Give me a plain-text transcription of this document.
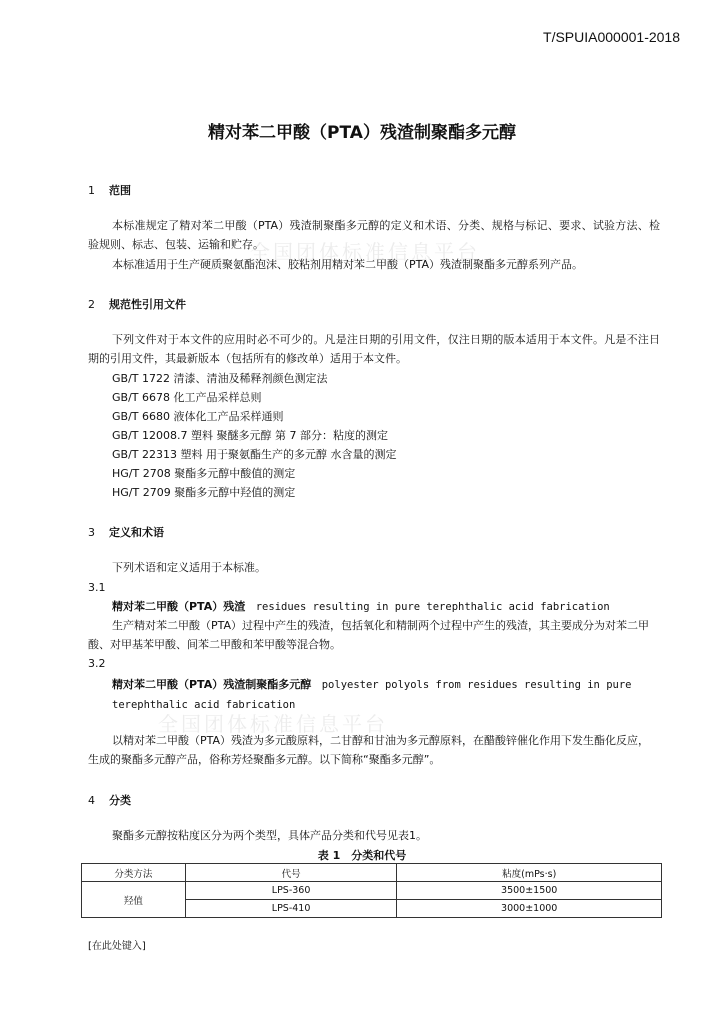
T/SPUIA000001-2018
精对苯二甲酸（PTA）残渣制聚酯多元醇
全国团体标准信息平台
全国团体标准信息平台
1 范围
本标准规定了精对苯二甲酸（PTA）残渣制聚酯多元醇的定义和术语、分类、规格与标记、要求、试验方法、检验规则、标志、包装、运输和贮存。
本标准适用于生产硬质聚氨酯泡沫、胶粘剂用精对苯二甲酸（PTA）残渣制聚酯多元醇系列产品。
2 规范性引用文件
下列文件对于本文件的应用时必不可少的。凡是注日期的引用文件，仅注日期的版本适用于本文件。凡是不注日期的引用文件，其最新版本（包括所有的修改单）适用于本文件。
GB/T 1722 清漆、清油及稀释剂颜色测定法
GB/T 6678 化工产品采样总则
GB/T 6680 液体化工产品采样通则
GB/T 12008.7 塑料 聚醚多元醇 第 7 部分：粘度的测定
GB/T 22313 塑料 用于聚氨酯生产的多元醇 水含量的测定
HG/T 2708 聚酯多元醇中酸值的测定
HG/T 2709 聚酯多元醇中羟值的测定
3 定义和术语
下列术语和定义适用于本标准。
3.1
精对苯二甲酸（PTA）残渣 residues resulting in pure terephthalic acid fabrication
生产精对苯二甲酸（PTA）过程中产生的残渣，包括氧化和精制两个过程中产生的残渣，其主要成分为对苯二甲酸、对甲基苯甲酸、间苯二甲酸和苯甲酸等混合物。
3.2
精对苯二甲酸（PTA）残渣制聚酯多元醇 polyester polyols from residues resulting in pure terephthalic acid fabrication
以精对苯二甲酸（PTA）残渣为多元酸原料，二甘醇和甘油为多元醇原料，在醋酸锌催化作用下发生酯化反应，生成的聚酯多元醇产品，俗称芳烃聚酯多元醇。以下简称“聚酯多元醇”。
4 分类
聚酯多元醇按粘度区分为两个类型，具体产品分类和代号见表1。
表 1　分类和代号
分类方法	代号	粘度(mPs·s)
羟值	LPS-360	3500±1500
	LPS-410	3000±1000
[在此处键入]
